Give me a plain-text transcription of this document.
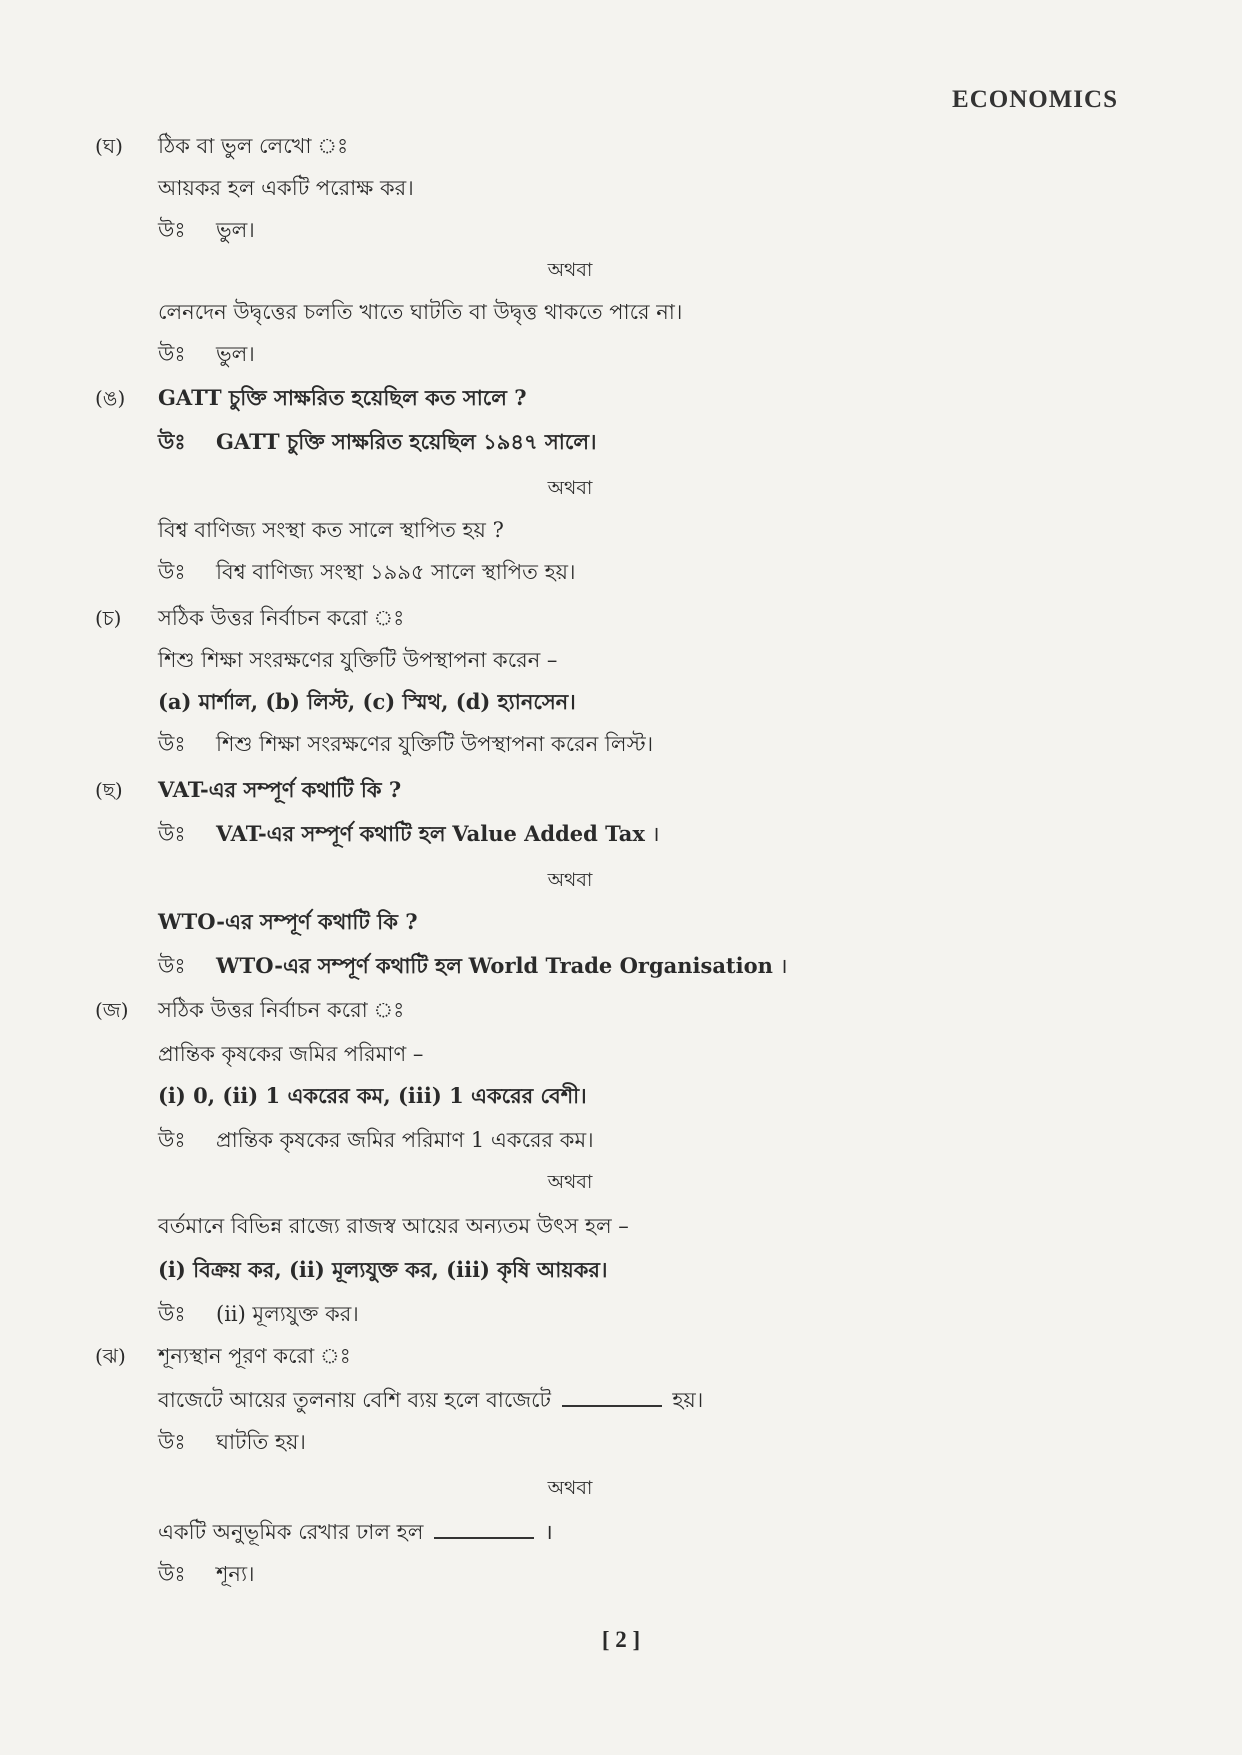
ECONOMICS
(ঘ) ঠিক বা ভুল লেখো ঃ
আয়কর হল একটি পরোক্ষ কর।
উঃ ভুল।
অথবা
লেনদেন উদ্বৃত্তের চলতি খাতে ঘাটতি বা উদ্বৃত্ত থাকতে পারে না।
উঃ ভুল।
(ঙ) GATT চুক্তি সাক্ষরিত হয়েছিল কত সালে ?
উঃ GATT চুক্তি সাক্ষরিত হয়েছিল ১৯৪৭ সালে।
অথবা
বিশ্ব বাণিজ্য সংস্থা কত সালে স্থাপিত হয় ?
উঃ বিশ্ব বাণিজ্য সংস্থা ১৯৯৫ সালে স্থাপিত হয়।
(চ) সঠিক উত্তর নির্বাচন করো ঃ
শিশু শিক্ষা সংরক্ষণের যুক্তিটি উপস্থাপনা করেন –
(a) মার্শাল, (b) লিস্ট, (c) স্মিথ, (d) হ্যানসেন।
উঃ শিশু শিক্ষা সংরক্ষণের যুক্তিটি উপস্থাপনা করেন লিস্ট।
(ছ) VAT-এর সম্পূর্ণ কথাটি কি ?
উঃ VAT-এর সম্পূর্ণ কথাটি হল Value Added Tax ।
অথবা
WTO-এর সম্পূর্ণ কথাটি কি ?
উঃ WTO-এর সম্পূর্ণ কথাটি হল World Trade Organisation ।
(জ) সঠিক উত্তর নির্বাচন করো ঃ
প্রান্তিক কৃষকের জমির পরিমাণ –
(i) 0, (ii) 1 একরের কম, (iii) 1 একরের বেশী।
উঃ প্রান্তিক কৃষকের জমির পরিমাণ 1 একরের কম।
অথবা
বর্তমানে বিভিন্ন রাজ্যে রাজস্ব আয়ের অন্যতম উৎস হল –
(i) বিক্রয় কর, (ii) মূল্যযুক্ত কর, (iii) কৃষি আয়কর।
উঃ (ii) মূল্যযুক্ত কর।
(ঝ) শূন্যস্থান পূরণ করো ঃ
বাজেটে আয়ের তুলনায় বেশি ব্যয় হলে বাজেটে	হয়।
উঃ ঘাটতি হয়।
অথবা
একটি অনুভূমিক রেখার ঢাল হল	।
উঃ শূন্য।
[ 2 ]
